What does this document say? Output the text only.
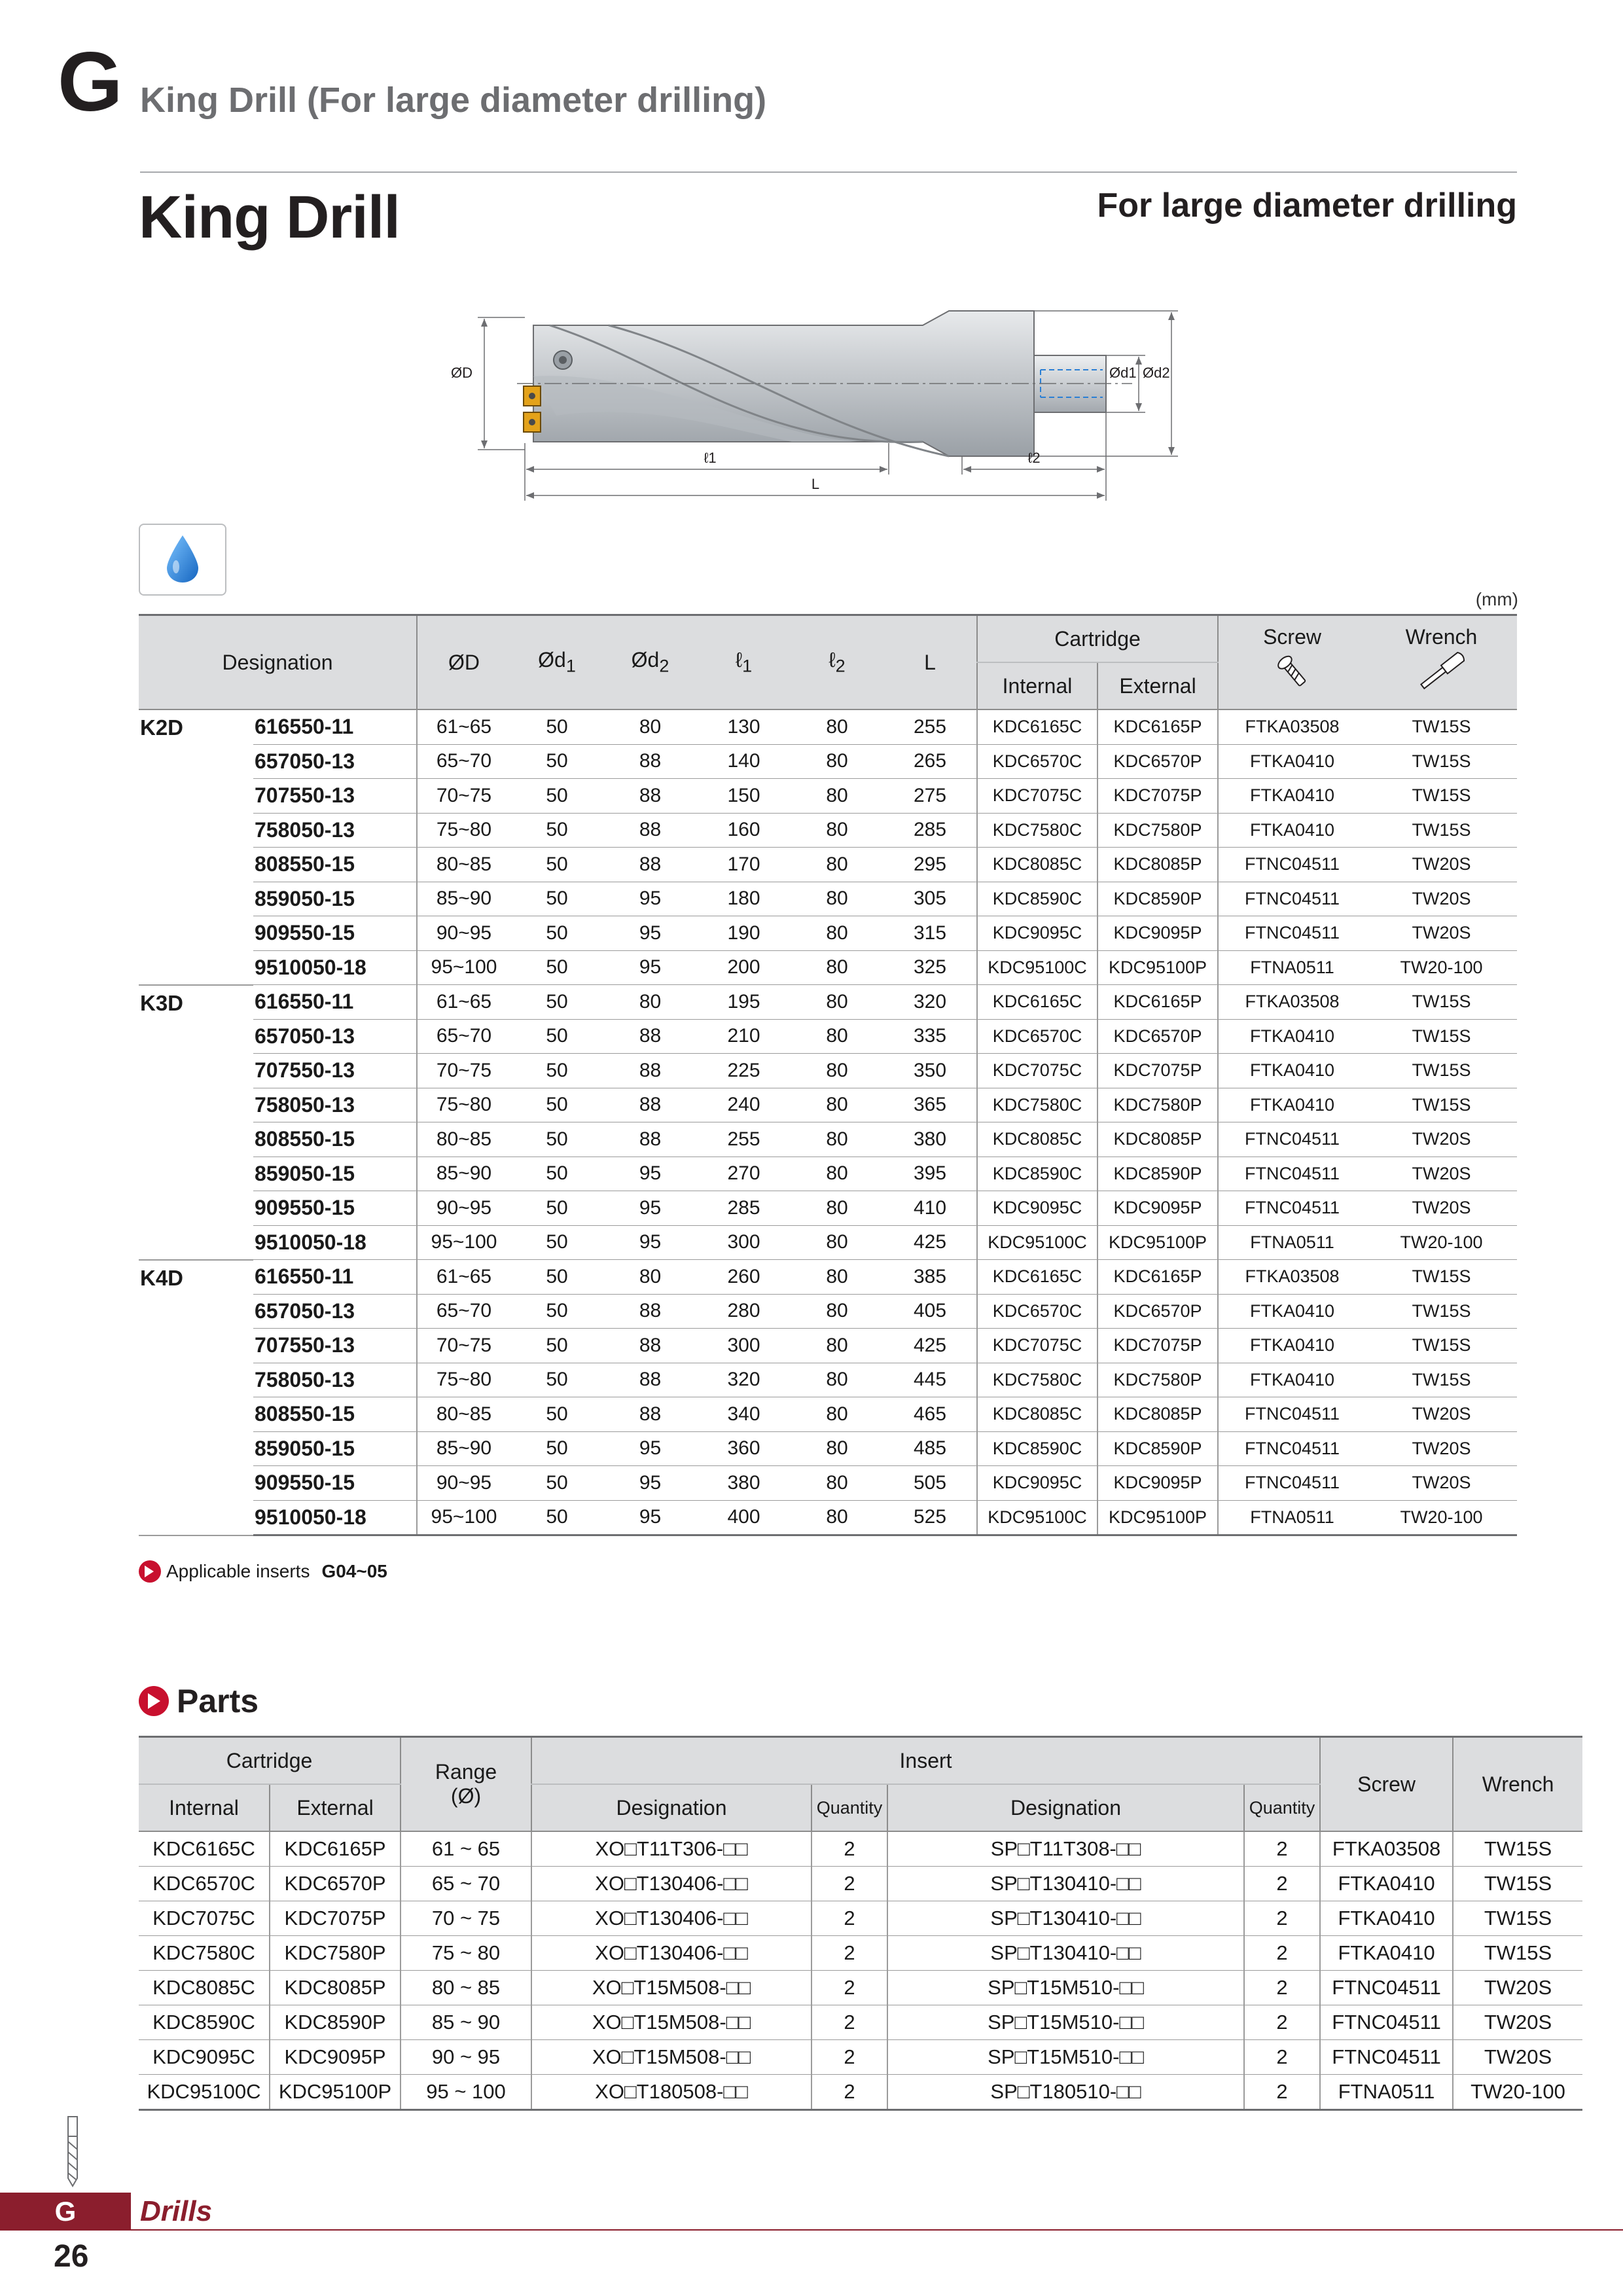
G King Drill (For large diameter drilling)
King Drill	For large diameter drilling
ØD	Ød1 Ød2
ℓ1	ℓ2
L
(mm)
Designation		ØD	$Ød_1$	$Ød_2$	ℓ$_1$	ℓ$_2$	L	Cartridge		Screw	Wrench

								Internal	External		
K2D	616550-11	61~65	50	80	130	80	255	KDC6165C	KDC6165P	FTKA03508	TW15S
	657050-13	65~70	50	88	140	80	265	KDC6570C	KDC6570P	FTKA0410	TW15S
	707550-13	70~75	50	88	150	80	275	KDC7075C	KDC7075P	FTKA0410	TW15S
	758050-13	75~80	50	88	160	80	285	KDC7580C	KDC7580P	FTKA0410	TW15S
	808550-15	80~85	50	88	170	80	295	KDC8085C	KDC8085P	FTNC04511	TW20S
	859050-15	85~90	50	95	180	80	305	KDC8590C	KDC8590P	FTNC04511	TW20S
	909550-15	90~95	50	95	190	80	315	KDC9095C	KDC9095P	FTNC04511	TW20S
	9510050-18	95~100	50	95	200	80	325	KDC95100C	KDC95100P	FTNA0511	TW20-100
K3D	616550-11	61~65	50	80	195	80	320	KDC6165C	KDC6165P	FTKA03508	TW15S
	657050-13	65~70	50	88	210	80	335	KDC6570C	KDC6570P	FTKA0410	TW15S
	707550-13	70~75	50	88	225	80	350	KDC7075C	KDC7075P	FTKA0410	TW15S
	758050-13	75~80	50	88	240	80	365	KDC7580C	KDC7580P	FTKA0410	TW15S
	808550-15	80~85	50	88	255	80	380	KDC8085C	KDC8085P	FTNC04511	TW20S
	859050-15	85~90	50	95	270	80	395	KDC8590C	KDC8590P	FTNC04511	TW20S
	909550-15	90~95	50	95	285	80	410	KDC9095C	KDC9095P	FTNC04511	TW20S
	9510050-18	95~100	50	95	300	80	425	KDC95100C	KDC95100P	FTNA0511	TW20-100
K4D	616550-11	61~65	50	80	260	80	385	KDC6165C	KDC6165P	FTKA03508	TW15S
	657050-13	65~70	50	88	280	80	405	KDC6570C	KDC6570P	FTKA0410	TW15S
	707550-13	70~75	50	88	300	80	425	KDC7075C	KDC7075P	FTKA0410	TW15S
	758050-13	75~80	50	88	320	80	445	KDC7580C	KDC7580P	FTKA0410	TW15S
	808550-15	80~85	50	88	340	80	465	KDC8085C	KDC8085P	FTNC04511	TW20S
	859050-15	85~90	50	95	360	80	485	KDC8590C	KDC8590P	FTNC04511	TW20S
	909550-15	90~95	50	95	380	80	505	KDC9095C	KDC9095P	FTNC04511	TW20S
	9510050-18	95~100	50	95	400	80	525	KDC95100C	KDC95100P	FTNA0511	TW20-100
Applicable inserts G04~05
Parts
Cartridge		Range
(Ø)	Insert				Screw	Wrench
Internal	External		Designation	Quantity	Designation	Quantity		
KDC6165C	KDC6165P	61 ~ 65	XO□T11T306-□□	2	SP□T11T308-□□	2	FTKA03508	TW15S
KDC6570C	KDC6570P	65 ~ 70	XO□T130406-□□	2	SP□T130410-□□	2	FTKA0410	TW15S
KDC7075C	KDC7075P	70 ~ 75	XO□T130406-□□	2	SP□T130410-□□	2	FTKA0410	TW15S
KDC7580C	KDC7580P	75 ~ 80	XO□T130406-□□	2	SP□T130410-□□	2	FTKA0410	TW15S
KDC8085C	KDC8085P	80 ~ 85	XO□T15M508-□□	2	SP□T15M510-□□	2	FTNC04511	TW20S
KDC8590C	KDC8590P	85 ~ 90	XO□T15M508-□□	2	SP□T15M510-□□	2	FTNC04511	TW20S
KDC9095C	KDC9095P	90 ~ 95	XO□T15M508-□□	2	SP□T15M510-□□	2	FTNC04511	TW20S
KDC95100C	KDC95100P	95 ~ 100	XO□T180508-□□	2	SP□T180510-□□	2	FTNA0511	TW20-100
G	Drills
26
